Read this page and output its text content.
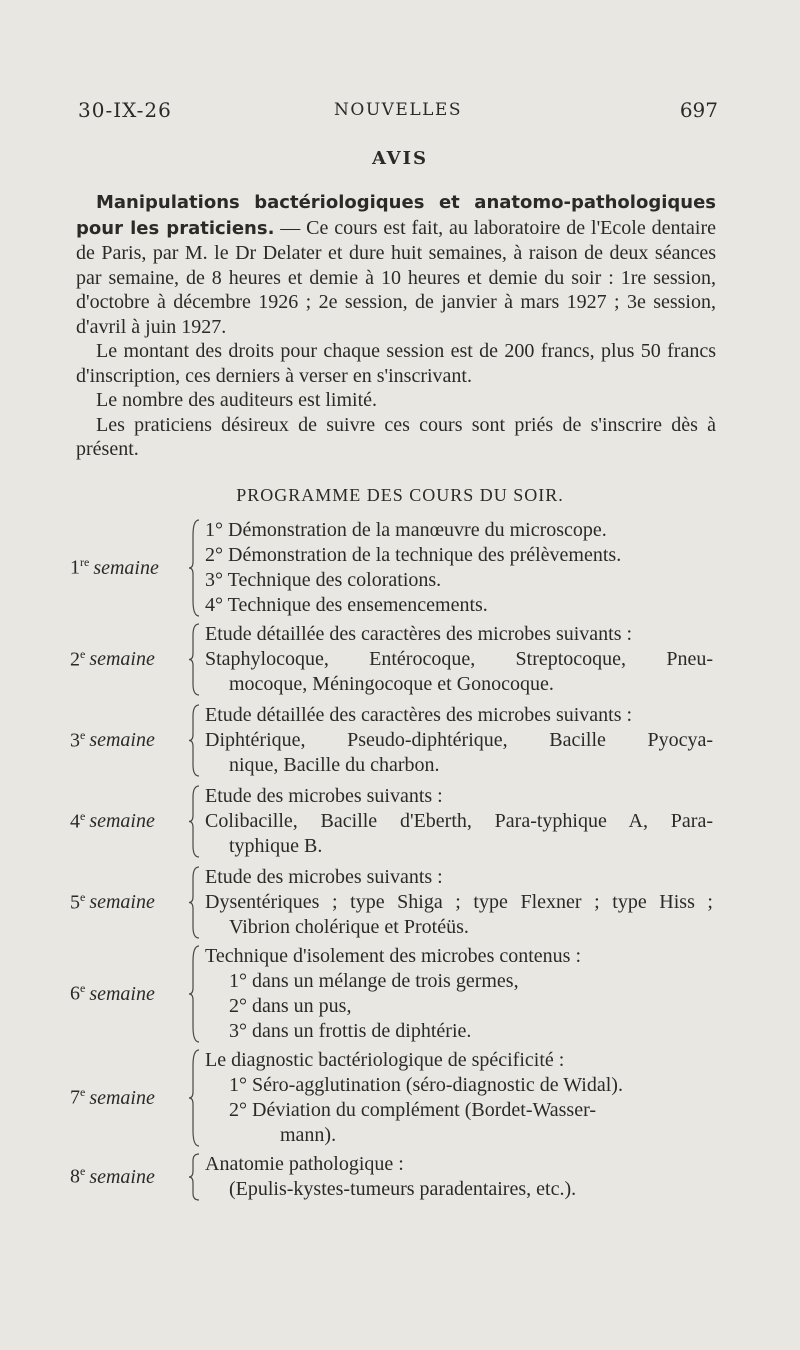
30-IX-26	NOUVELLES	697
AVIS

Manipulations bactériologiques et anatomo-pathologiques pour les praticiens. — Ce cours est fait, au laboratoire de l'Ecole dentaire de Paris, par M. le Dr Delater et dure huit semaines, à raison de deux séances par semaine, de 8 heures et demie à 10 heures et demie du soir : 1re session, d'octobre à décembre 1926 ; 2e session, de janvier à mars 1927 ; 3e session, d'avril à juin 1927.

Le montant des droits pour chaque session est de 200 francs, plus 50 francs d'inscription, ces derniers à verser en s'inscrivant.

Le nombre des auditeurs est limité.

Les praticiens désireux de suivre ces cours sont priés de s'inscrire dès à présent.

PROGRAMME DES COURS DU SOIR.
1re semaine
1° Démonstration de la manœuvre du microscope.
2° Démonstration de la technique des prélèvements.
3° Technique des colorations.
4° Technique des ensemencements.
2e semaine
Etude détaillée des caractères des microbes suivants :
Staphylocoque, Entérocoque, Streptocoque, Pneu-
mocoque, Méningocoque et Gonocoque.
3e semaine
Etude détaillée des caractères des microbes suivants :
Diphtérique, Pseudo-diphtérique, Bacille Pyocya-
nique, Bacille du charbon.
4e semaine
Etude des microbes suivants :
Colibacille, Bacille d'Eberth, Para-typhique A, Para-
typhique B.
5e semaine
Etude des microbes suivants :
Dysentériques ; type Shiga ; type Flexner ; type Hiss ;
Vibrion cholérique et Protéüs.
6e semaine
Technique d'isolement des microbes contenus :
1° dans un mélange de trois germes,
2° dans un pus,
3° dans un frottis de diphtérie.
7e semaine
Le diagnostic bactériologique de spécificité :
1° Séro-agglutination (séro-diagnostic de Widal).
2° Déviation du complément (Bordet-Wasser-
mann).
8e semaine
Anatomie pathologique :
(Epulis-kystes-tumeurs paradentaires, etc.).
